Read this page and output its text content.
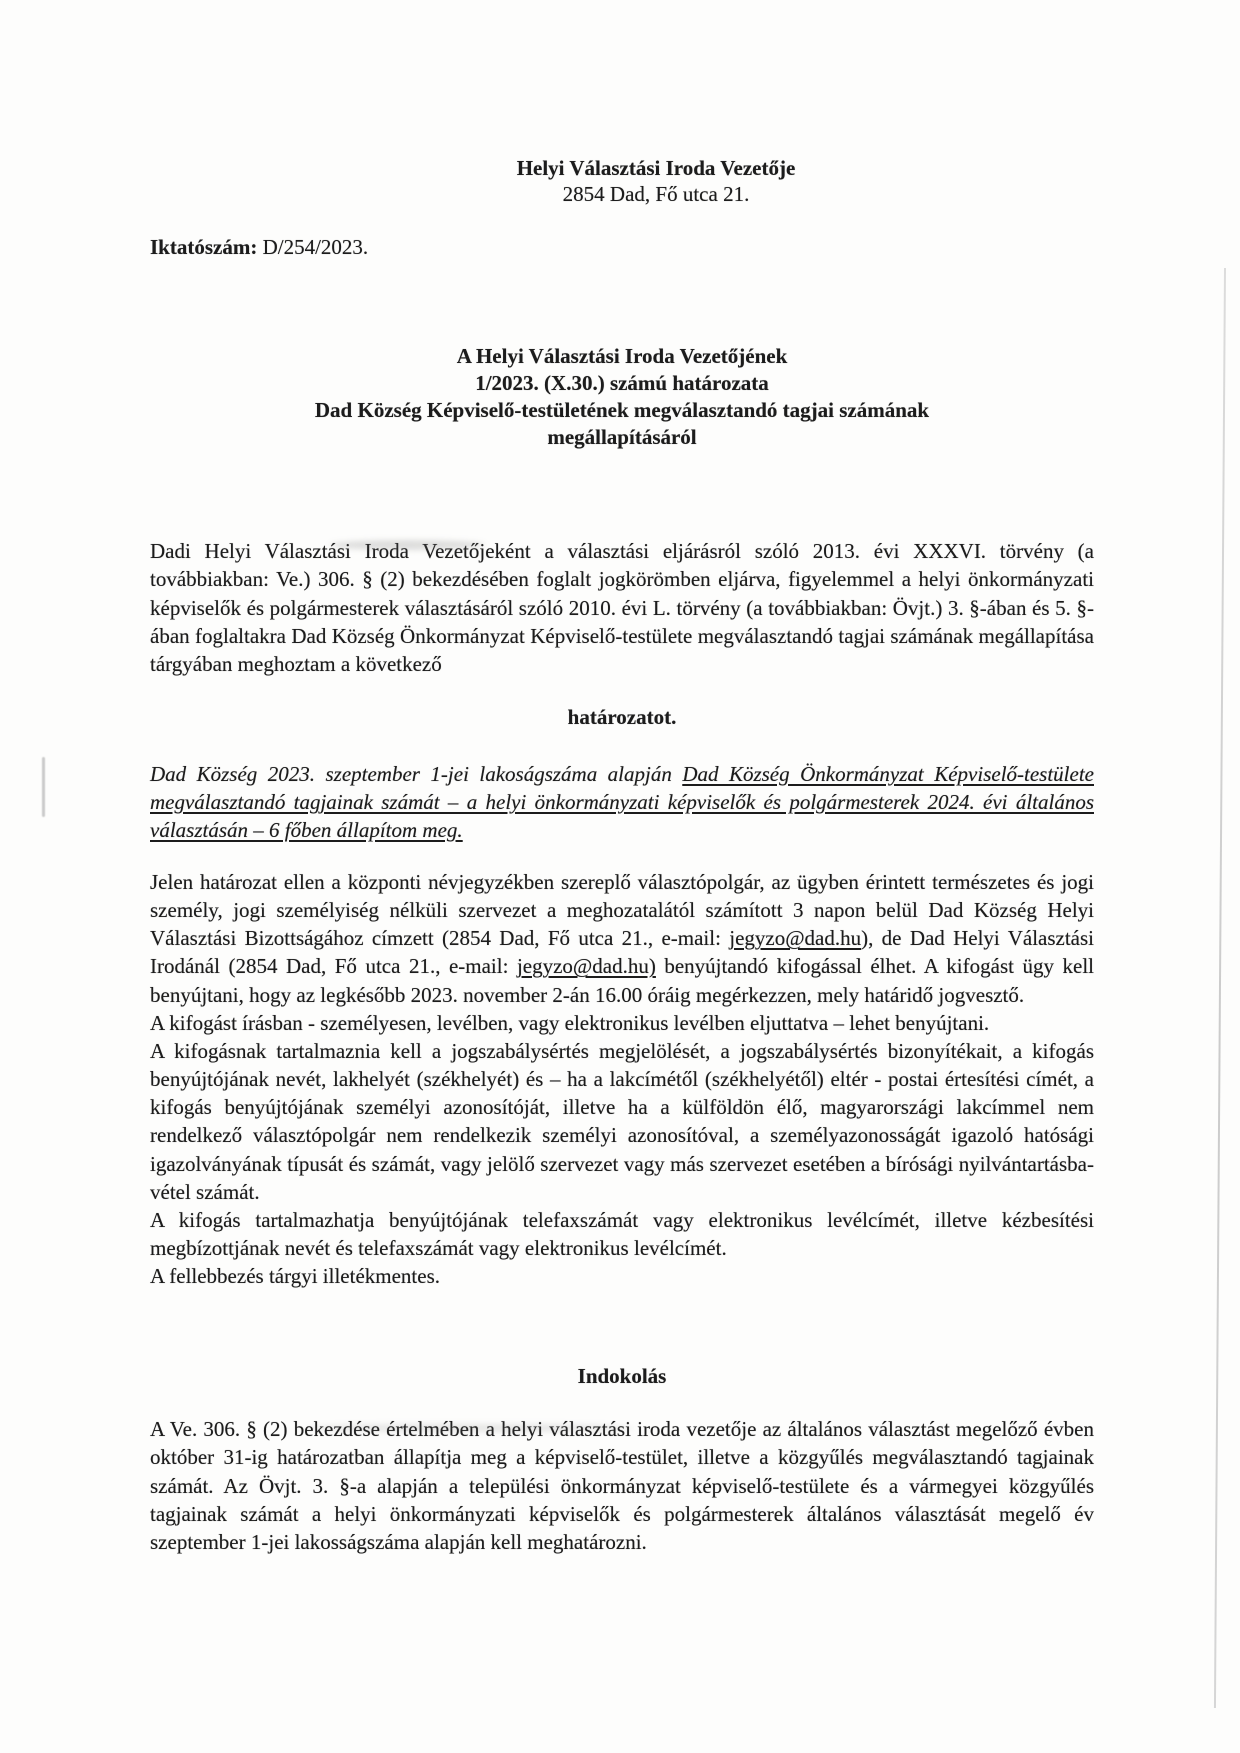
Helyi Választási Iroda Vezetője
2854 Dad, Fő utca 21.
Iktatószám: D/254/2023.
A Helyi Választási Iroda Vezetőjének
1/2023. (X.30.) számú határozata
Dad Község Képviselő-testületének megválasztandó tagjai számának
megállapításáról
Dadi Helyi Választási Iroda Vezetőjeként a választási eljárásról szóló 2013. évi XXXVI. törvény (a továbbiakban: Ve.) 306. § (2) bekezdésében foglalt jogkörömben eljárva, figyelemmel a helyi önkormányzati képviselők és polgármesterek választásáról szóló 2010. évi L. törvény (a továbbiakban: Övjt.) 3. §-ában és 5. §-ában foglaltakra Dad Község Önkormányzat Képviselő-testülete megválasztandó tagjai számának megállapítása tárgyában meghoztam a következő
határozatot.
Dad Község 2023. szeptember 1-jei lakoságszáma alapján Dad Község Önkormányzat Képviselő-testülete megválasztandó tagjainak számát – a helyi önkormányzati képviselők és polgármesterek 2024. évi általános választásán – 6 főben állapítom meg.
Jelen határozat ellen a központi névjegyzékben szereplő választópolgár, az ügyben érintett természetes és jogi személy, jogi személyiség nélküli szervezet a meghozatalától számított 3 napon belül Dad Község Helyi Választási Bizottságához címzett (2854 Dad, Fő utca 21., e-mail: jegyzo@dad.hu), de Dad Helyi Választási Irodánál (2854 Dad, Fő utca 21., e-mail: jegyzo@dad.hu) benyújtandó kifogással élhet. A kifogást ügy kell benyújtani, hogy az legkésőbb 2023. november 2-án 16.00 óráig megérkezzen, mely határidő jogvesztő.
A kifogást írásban - személyesen, levélben, vagy elektronikus levélben eljuttatva – lehet benyújtani.
A kifogásnak tartalmaznia kell a jogszabálysértés megjelölését, a jogszabálysértés bizonyítékait, a kifogás benyújtójának nevét, lakhelyét (székhelyét) és – ha a lakcímétől (székhelyétől) eltér - postai értesítési címét, a kifogás benyújtójának személyi azonosítóját, illetve ha a külföldön élő, magyarországi lakcímmel nem rendelkező választópolgár nem rendelkezik személyi azonosítóval, a személyazonosságát igazoló hatósági igazolványának típusát és számát, vagy jelölő szervezet vagy más szervezet esetében a bírósági nyilvántartásba-vétel számát.
A kifogás tartalmazhatja benyújtójának telefaxszámát vagy elektronikus levélcímét, illetve kézbesítési megbízottjának nevét és telefaxszámát vagy elektronikus levélcímét.
A fellebbezés tárgyi illetékmentes.
Indokolás
A Ve. 306. § (2) bekezdése értelmében a helyi választási iroda vezetője az általános választást megelőző évben október 31-ig határozatban állapítja meg a képviselő-testület, illetve a közgyűlés megválasztandó tagjainak számát. Az Övjt. 3. §-a alapján a települési önkormányzat képviselő-testülete és a vármegyei közgyűlés tagjainak számát a helyi önkormányzati képviselők és polgármesterek általános választását megelő év szeptember 1-jei lakosságszáma alapján kell meghatározni.
